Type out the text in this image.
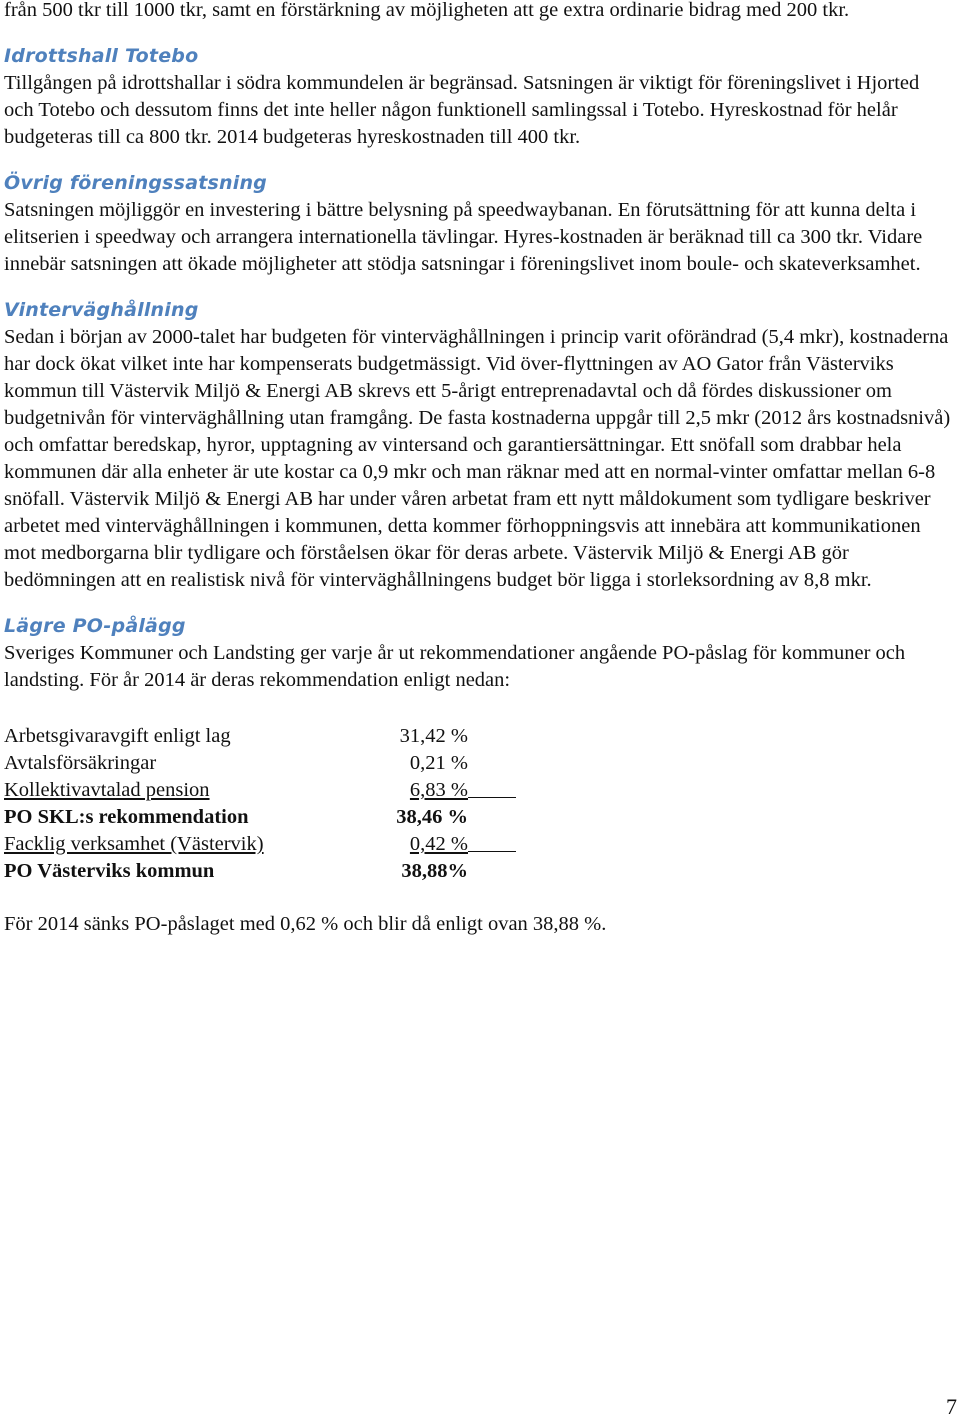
från 500 tkr till 1000 tkr, samt en förstärkning av möjligheten att ge extra ordinarie bidrag med 200 tkr.

Idrottshall Totebo

Tillgången på idrottshallar i södra kommundelen är begränsad. Satsningen är viktigt för föreningslivet i Hjorted och Totebo och dessutom finns det inte heller någon funktionell samlingssal i Totebo. Hyreskostnad för helår budgeteras till ca 800 tkr. 2014 budgeteras hyreskostnaden till 400 tkr.

Övrig föreningssatsning

Satsningen möjliggör en investering i bättre belysning på speedwaybanan. En förutsättning för att kunna delta i elitserien i speedway och arrangera internationella tävlingar. Hyres-kostnaden är beräknad till ca 300 tkr. Vidare innebär satsningen att ökade möjligheter att stödja satsningar i föreningslivet inom boule- och skateverksamhet.

Vinterväghållning

Sedan i början av 2000-talet har budgeten för vinterväghållningen i princip varit oförändrad (5,4 mkr), kostnaderna har dock ökat vilket inte har kompenserats budgetmässigt. Vid över-flyttningen av AO Gator från Västerviks kommun till Västervik Miljö & Energi AB skrevs ett 5-årigt entreprenadavtal och då fördes diskussioner om budgetnivån för vinterväghållning utan framgång. De fasta kostnaderna uppgår till 2,5 mkr (2012 års kostnadsnivå) och omfattar beredskap, hyror, upptagning av vintersand och garantiersättningar. Ett snöfall som drabbar hela kommunen där alla enheter är ute kostar ca 0,9 mkr och man räknar med att en normal-vinter omfattar mellan 6-8 snöfall. Västervik Miljö & Energi AB har under våren arbetat fram ett nytt måldokument som tydligare beskriver arbetet med vinterväghållningen i kommunen, detta kommer förhoppningsvis att innebära att kommunikationen mot medborgarna blir tydligare och förståelsen ökar för deras arbete. Västervik Miljö & Energi AB gör bedömningen att en realistisk nivå för vinterväghållningens budget bör ligga i storleksordning av 8,8 mkr.

Lägre PO-pålägg

Sveriges Kommuner och Landsting ger varje år ut rekommendationer angående PO-påslag för kommuner och landsting. För år 2014 är deras rekommendation enligt nedan:

Arbetsgivaravgift enligt lag	31,42 %
Avtalsförsäkringar	0,21 %
Kollektivavtalad pension	6,83 %
PO SKL:s rekommendation	38,46 %
Facklig verksamhet (Västervik)	0,42 %
PO Västerviks kommun	38,88%

För 2014 sänks PO-påslaget med 0,62 % och blir då enligt ovan 38,88 %.

7
